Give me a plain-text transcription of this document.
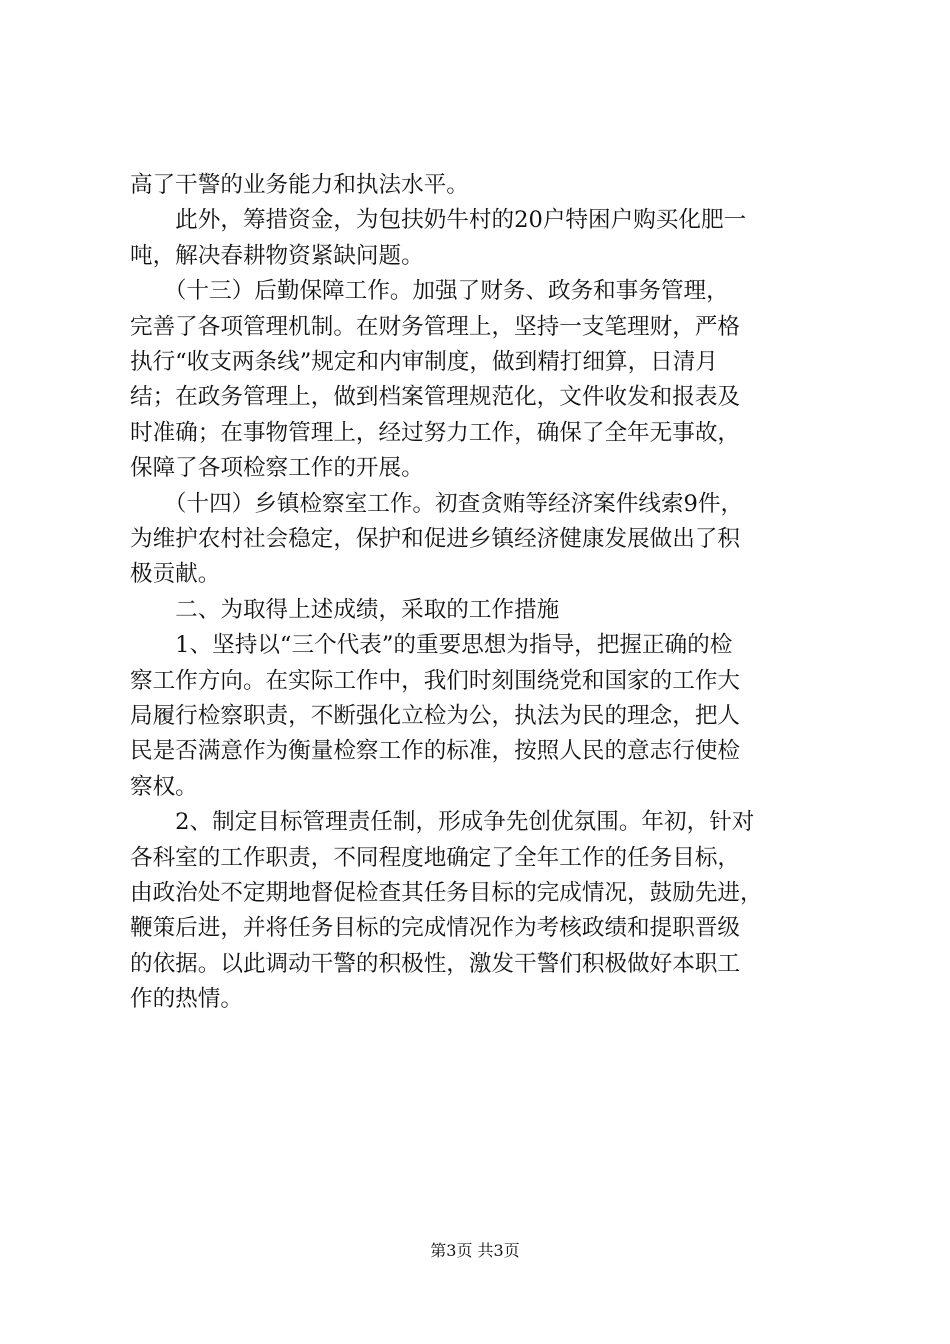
高了干警的业务能力和执法水平。
　　此外，筹措资金，为包扶奶牛村的20户特困户购买化肥一
吨，解决春耕物资紧缺问题。
　　（十三）后勤保障工作。加强了财务、政务和事务管理，
完善了各项管理机制。在财务管理上，坚持一支笔理财，严格
执行“收支两条线”规定和内审制度，做到精打细算，日清月
结；在政务管理上，做到档案管理规范化，文件收发和报表及
时准确；在事物管理上，经过努力工作，确保了全年无事故，
保障了各项检察工作的开展。
　　（十四）乡镇检察室工作。初查贪贿等经济案件线索9件，
为维护农村社会稳定，保护和促进乡镇经济健康发展做出了积
极贡献。
　　二、为取得上述成绩，采取的工作措施
　　1、坚持以“三个代表”的重要思想为指导，把握正确的检
察工作方向。在实际工作中，我们时刻围绕党和国家的工作大
局履行检察职责，不断强化立检为公，执法为民的理念，把人
民是否满意作为衡量检察工作的标准，按照人民的意志行使检
察权。
　　2、制定目标管理责任制，形成争先创优氛围。年初，针对
各科室的工作职责，不同程度地确定了全年工作的任务目标，
由政治处不定期地督促检查其任务目标的完成情况，鼓励先进，
鞭策后进，并将任务目标的完成情况作为考核政绩和提职晋级
的依据。以此调动干警的积极性，激发干警们积极做好本职工
作的热情。
第3页 共3页
